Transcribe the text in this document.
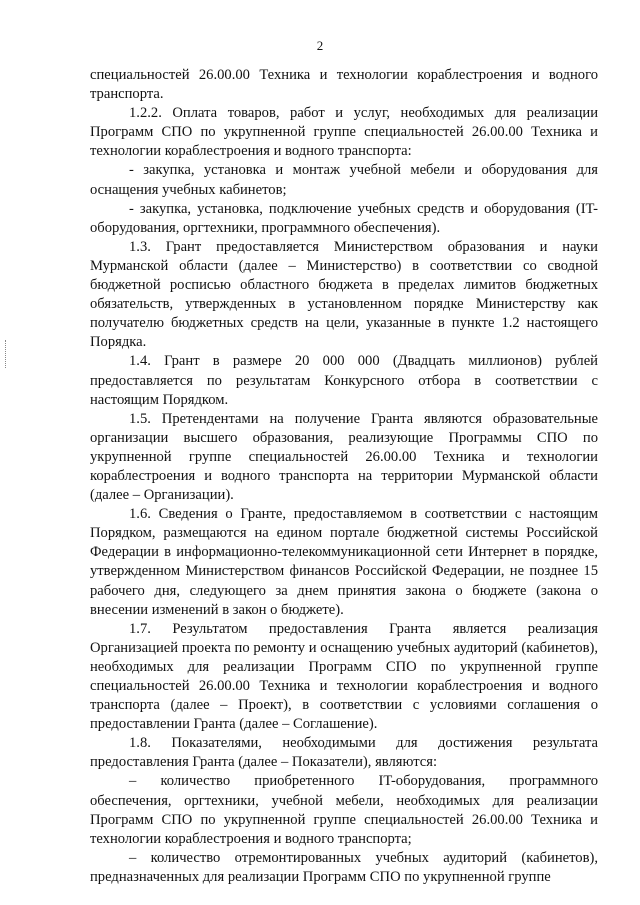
2

специальностей 26.00.00 Техника и технологии кораблестроения и водного транспорта.

1.2.2. Оплата товаров, работ и услуг, необходимых для реализации Программ СПО по укрупненной группе специальностей 26.00.00 Техника и технологии кораблестроения и водного транспорта:

- закупка, установка и монтаж учебной мебели и оборудования для оснащения учебных кабинетов;

- закупка, установка, подключение учебных средств и оборудования (IT-оборудования, оргтехники, программного обеспечения).

1.3. Грант предоставляется Министерством образования и науки Мурманской области (далее – Министерство) в соответствии со сводной бюджетной росписью областного бюджета в пределах лимитов бюджетных обязательств, утвержденных в установленном порядке Министерству как получателю бюджетных средств на цели, указанные в пункте 1.2 настоящего Порядка.

1.4. Грант в размере 20 000 000 (Двадцать миллионов) рублей предоставляется по результатам Конкурсного отбора в соответствии с настоящим Порядком.

1.5. Претендентами на получение Гранта являются образовательные организации высшего образования, реализующие Программы СПО по укрупненной группе специальностей 26.00.00 Техника и технологии кораблестроения и водного транспорта на территории Мурманской области (далее – Организации).

1.6. Сведения о Гранте, предоставляемом в соответствии с настоящим Порядком, размещаются на едином портале бюджетной системы Российской Федерации в информационно-телекоммуникационной сети Интернет в порядке, утвержденном Министерством финансов Российской Федерации, не позднее 15 рабочего дня, следующего за днем принятия закона о бюджете (закона о внесении изменений в закон о бюджете).

1.7. Результатом предоставления Гранта является реализация Организацией проекта по ремонту и оснащению учебных аудиторий (кабинетов), необходимых для реализации Программ СПО по укрупненной группе специальностей 26.00.00 Техника и технологии кораблестроения и водного транспорта (далее – Проект), в соответствии с условиями соглашения о предоставлении Гранта (далее – Соглашение).

1.8. Показателями, необходимыми для достижения результата предоставления Гранта (далее – Показатели), являются:

– количество приобретенного IT-оборудования, программного обеспечения, оргтехники, учебной мебели, необходимых для реализации Программ СПО по укрупненной группе специальностей 26.00.00 Техника и технологии кораблестроения и водного транспорта;

– количество отремонтированных учебных аудиторий (кабинетов), предназначенных для реализации Программ СПО по укрупненной группе
